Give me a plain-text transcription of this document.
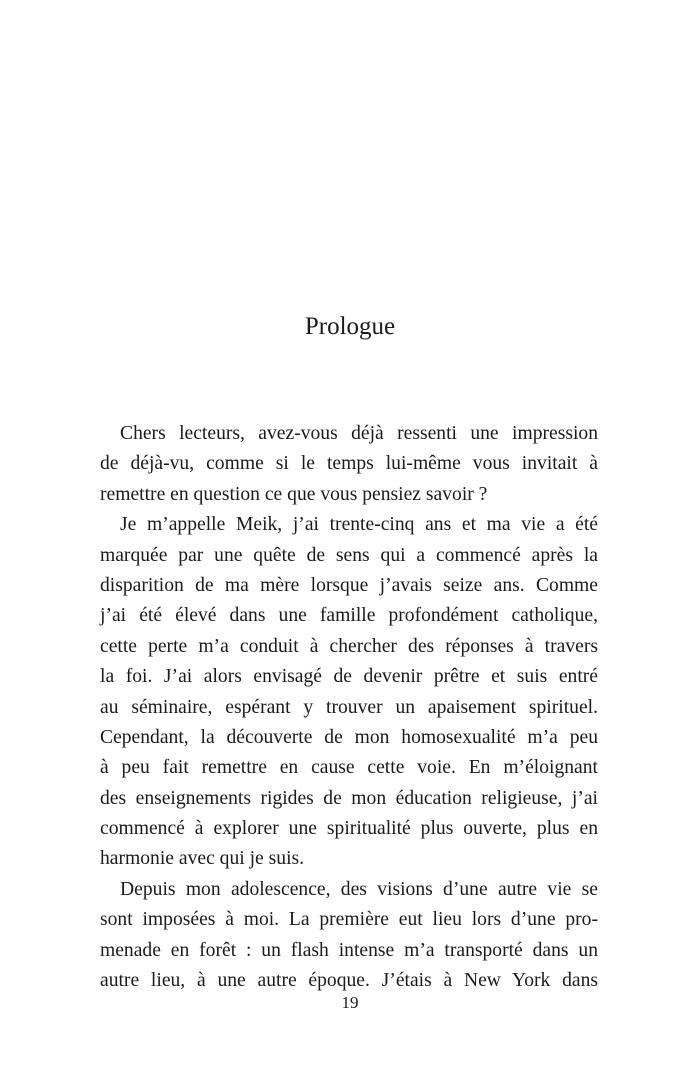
Prologue
Chers lecteurs, avez-vous déjà ressenti une impression
de déjà-vu, comme si le temps lui-même vous invitait à
remettre en question ce que vous pensiez savoir ?
Je m’appelle Meik, j’ai trente-cinq ans et ma vie a été
marquée par une quête de sens qui a commencé après la
disparition de ma mère lorsque j’avais seize ans. Comme
j’ai été élevé dans une famille profondément catholique,
cette perte m’a conduit à chercher des réponses à travers
la foi. J’ai alors envisagé de devenir prêtre et suis entré
au séminaire, espérant y trouver un apaisement spirituel.
Cependant, la découverte de mon homosexualité m’a peu
à peu fait remettre en cause cette voie. En m’éloignant
des enseignements rigides de mon éducation religieuse, j’ai
commencé à explorer une spiritualité plus ouverte, plus en
harmonie avec qui je suis.
Depuis mon adolescence, des visions d’une autre vie se
sont imposées à moi. La première eut lieu lors d’une pro-
menade en forêt : un flash intense m’a transporté dans un
autre lieu, à une autre époque. J’étais à New York dans
19
